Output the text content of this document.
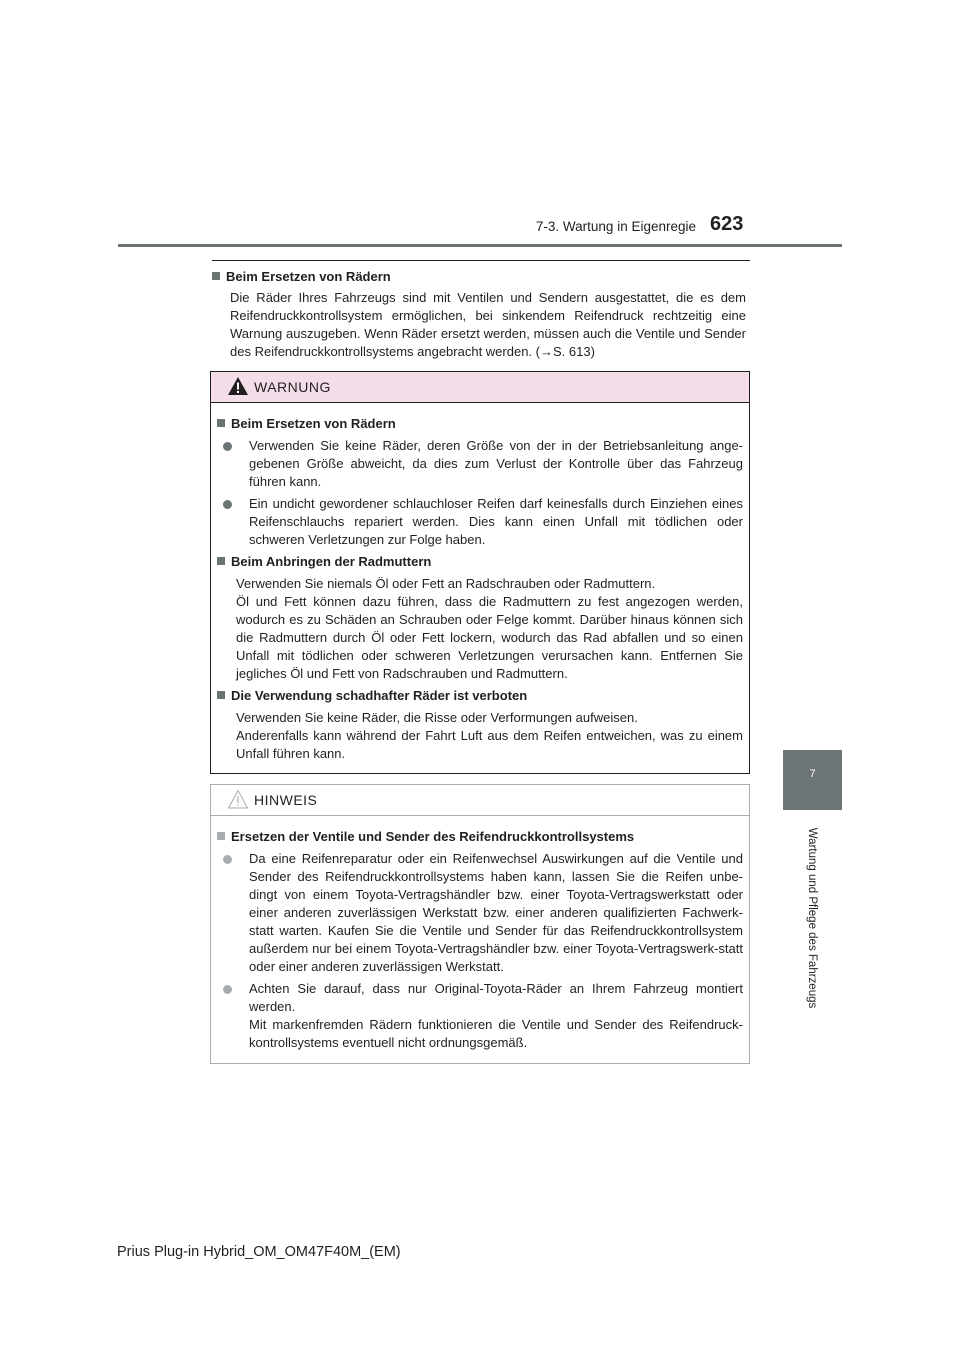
7-3. Wartung in Eigenregie 623
7
Wartung und Pflege des Fahrzeugs
Beim Ersetzen von Rädern

Die Räder Ihres Fahrzeugs sind mit Ventilen und Sendern ausgestattet, die es dem Reifendruckkontrollsystem ermöglichen, bei sinkendem Reifendruck rechtzeitig eine Warnung auszugeben. Wenn Räder ersetzt werden, müssen auch die Ventile und Sender des Reifendruckkontrollsystems angebracht werden. (→S. 613)

WARNUNG
Beim Ersetzen von Rädern
Verwenden Sie keine Räder, deren Größe von der in der Betriebsanleitung ange-gebenen Größe abweicht, da dies zum Verlust der Kontrolle über das Fahrzeug führen kann.
Ein undicht gewordener schlauchloser Reifen darf keinesfalls durch Einziehen eines Reifenschlauchs repariert werden. Dies kann einen Unfall mit tödlichen oder schweren Verletzungen zur Folge haben.
Beim Anbringen der Radmuttern
Verwenden Sie niemals Öl oder Fett an Radschrauben oder Radmuttern.
Öl und Fett können dazu führen, dass die Radmuttern zu fest angezogen werden, wodurch es zu Schäden an Schrauben oder Felge kommt. Darüber hinaus können sich die Radmuttern durch Öl oder Fett lockern, wodurch das Rad abfallen und so einen Unfall mit tödlichen oder schweren Verletzungen verursachen kann. Entfernen Sie jegliches Öl und Fett von Radschrauben und Radmuttern.
Die Verwendung schadhafter Räder ist verboten
Verwenden Sie keine Räder, die Risse oder Verformungen aufweisen.
Anderenfalls kann während der Fahrt Luft aus dem Reifen entweichen, was zu einem Unfall führen kann.
HINWEIS
Ersetzen der Ventile und Sender des Reifendruckkontrollsystems
Da eine Reifenreparatur oder ein Reifenwechsel Auswirkungen auf die Ventile und Sender des Reifendruckkontrollsystems haben kann, lassen Sie die Reifen unbe-dingt von einem Toyota-Vertragshändler bzw. einer Toyota-Vertragswerkstatt oder einer anderen zuverlässigen Werkstatt bzw. einer anderen qualifizierten Fachwerk-statt warten. Kaufen Sie die Ventile und Sender für das Reifendruckkontrollsystem außerdem nur bei einem Toyota-Vertragshändler bzw. einer Toyota-Vertragswerk-statt oder einer anderen zuverlässigen Werkstatt.
Achten Sie darauf, dass nur Original-Toyota-Räder an Ihrem Fahrzeug montiert werden.
Mit markenfremden Rädern funktionieren die Ventile und Sender des Reifendruck-kontrollsystems eventuell nicht ordnungsgemäß.
Prius Plug-in Hybrid_OM_OM47F40M_(EM)
